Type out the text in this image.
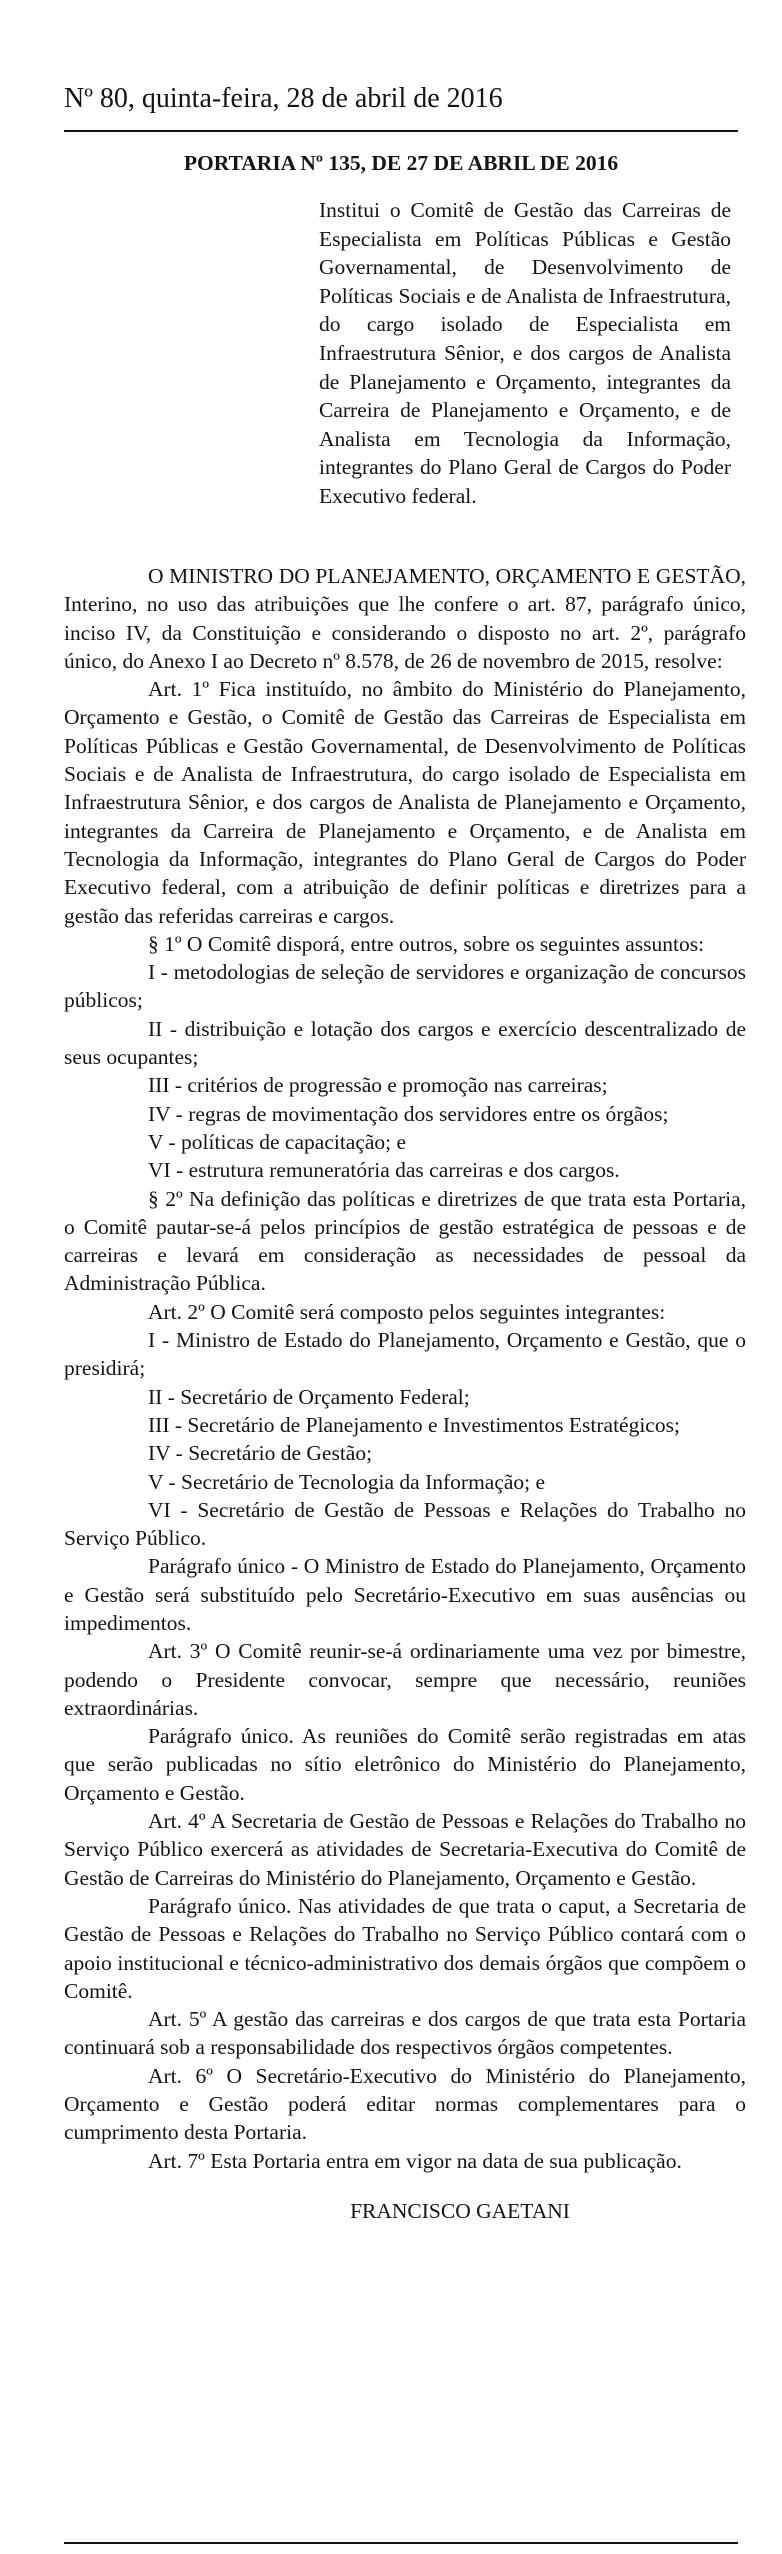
Nº 80, quinta-feira, 28 de abril de 2016
PORTARIA Nº 135, DE 27 DE ABRIL DE 2016
Institui o Comitê de Gestão das Carreiras de Especialista em Políticas Públicas e Gestão Governamental, de Desenvolvimento de Políticas Sociais e de Analista de Infraestrutura, do cargo isolado de Especialista em Infraestrutura Sênior, e dos cargos de Analista de Planejamento e Orçamento, integrantes da Carreira de Planejamento e Orçamento, e de Analista em Tecnologia da Informação, integrantes do Plano Geral de Cargos do Poder Executivo federal.

O MINISTRO DO PLANEJAMENTO, ORÇAMENTO E GESTÃO, Interino, no uso das atribuições que lhe confere o art. 87, parágrafo único, inciso IV, da Constituição e considerando o disposto no art. 2º, parágrafo único, do Anexo I ao Decreto nº 8.578, de 26 de novembro de 2015, resolve:

Art. 1º Fica instituído, no âmbito do Ministério do Planejamento, Orçamento e Gestão, o Comitê de Gestão das Carreiras de Especialista em Políticas Públicas e Gestão Governamental, de Desenvolvimento de Políticas Sociais e de Analista de Infraestrutura, do cargo isolado de Especialista em Infraestrutura Sênior, e dos cargos de Analista de Planejamento e Orçamento, integrantes da Carreira de Planejamento e Orçamento, e de Analista em Tecnologia da Informação, integrantes do Plano Geral de Cargos do Poder Executivo federal, com a atribuição de definir políticas e diretrizes para a gestão das referidas carreiras e cargos.

§ 1º O Comitê disporá, entre outros, sobre os seguintes assuntos:

I - metodologias de seleção de servidores e organização de concursos públicos;

II - distribuição e lotação dos cargos e exercício descentralizado de seus ocupantes;

III - critérios de progressão e promoção nas carreiras;

IV - regras de movimentação dos servidores entre os órgãos;

V - políticas de capacitação; e

VI - estrutura remuneratória das carreiras e dos cargos.

§ 2º Na definição das políticas e diretrizes de que trata esta Portaria, o Comitê pautar-se-á pelos princípios de gestão estratégica de pessoas e de carreiras e levará em consideração as necessidades de pessoal da Administração Pública.

Art. 2º O Comitê será composto pelos seguintes integrantes:

I - Ministro de Estado do Planejamento, Orçamento e Gestão, que o presidirá;

II - Secretário de Orçamento Federal;

III - Secretário de Planejamento e Investimentos Estratégicos;

IV - Secretário de Gestão;

V - Secretário de Tecnologia da Informação; e

VI - Secretário de Gestão de Pessoas e Relações do Trabalho no Serviço Público.

Parágrafo único - O Ministro de Estado do Planejamento, Orçamento e Gestão será substituído pelo Secretário-Executivo em suas ausências ou impedimentos.

Art. 3º O Comitê reunir-se-á ordinariamente uma vez por bimestre, podendo o Presidente convocar, sempre que necessário, reuniões extraordinárias.

Parágrafo único. As reuniões do Comitê serão registradas em atas que serão publicadas no sítio eletrônico do Ministério do Planejamento, Orçamento e Gestão.

Art. 4º A Secretaria de Gestão de Pessoas e Relações do Trabalho no Serviço Público exercerá as atividades de Secretaria-Executiva do Comitê de Gestão de Carreiras do Ministério do Planejamento, Orçamento e Gestão.

Parágrafo único. Nas atividades de que trata o caput, a Secretaria de Gestão de Pessoas e Relações do Trabalho no Serviço Público contará com o apoio institucional e técnico-administrativo dos demais órgãos que compõem o Comitê.

Art. 5º A gestão das carreiras e dos cargos de que trata esta Portaria continuará sob a responsabilidade dos respectivos órgãos competentes.

Art. 6º O Secretário-Executivo do Ministério do Planejamento, Orçamento e Gestão poderá editar normas complementares para o cumprimento desta Portaria.

Art. 7º Esta Portaria entra em vigor na data de sua publicação.

FRANCISCO GAETANI
